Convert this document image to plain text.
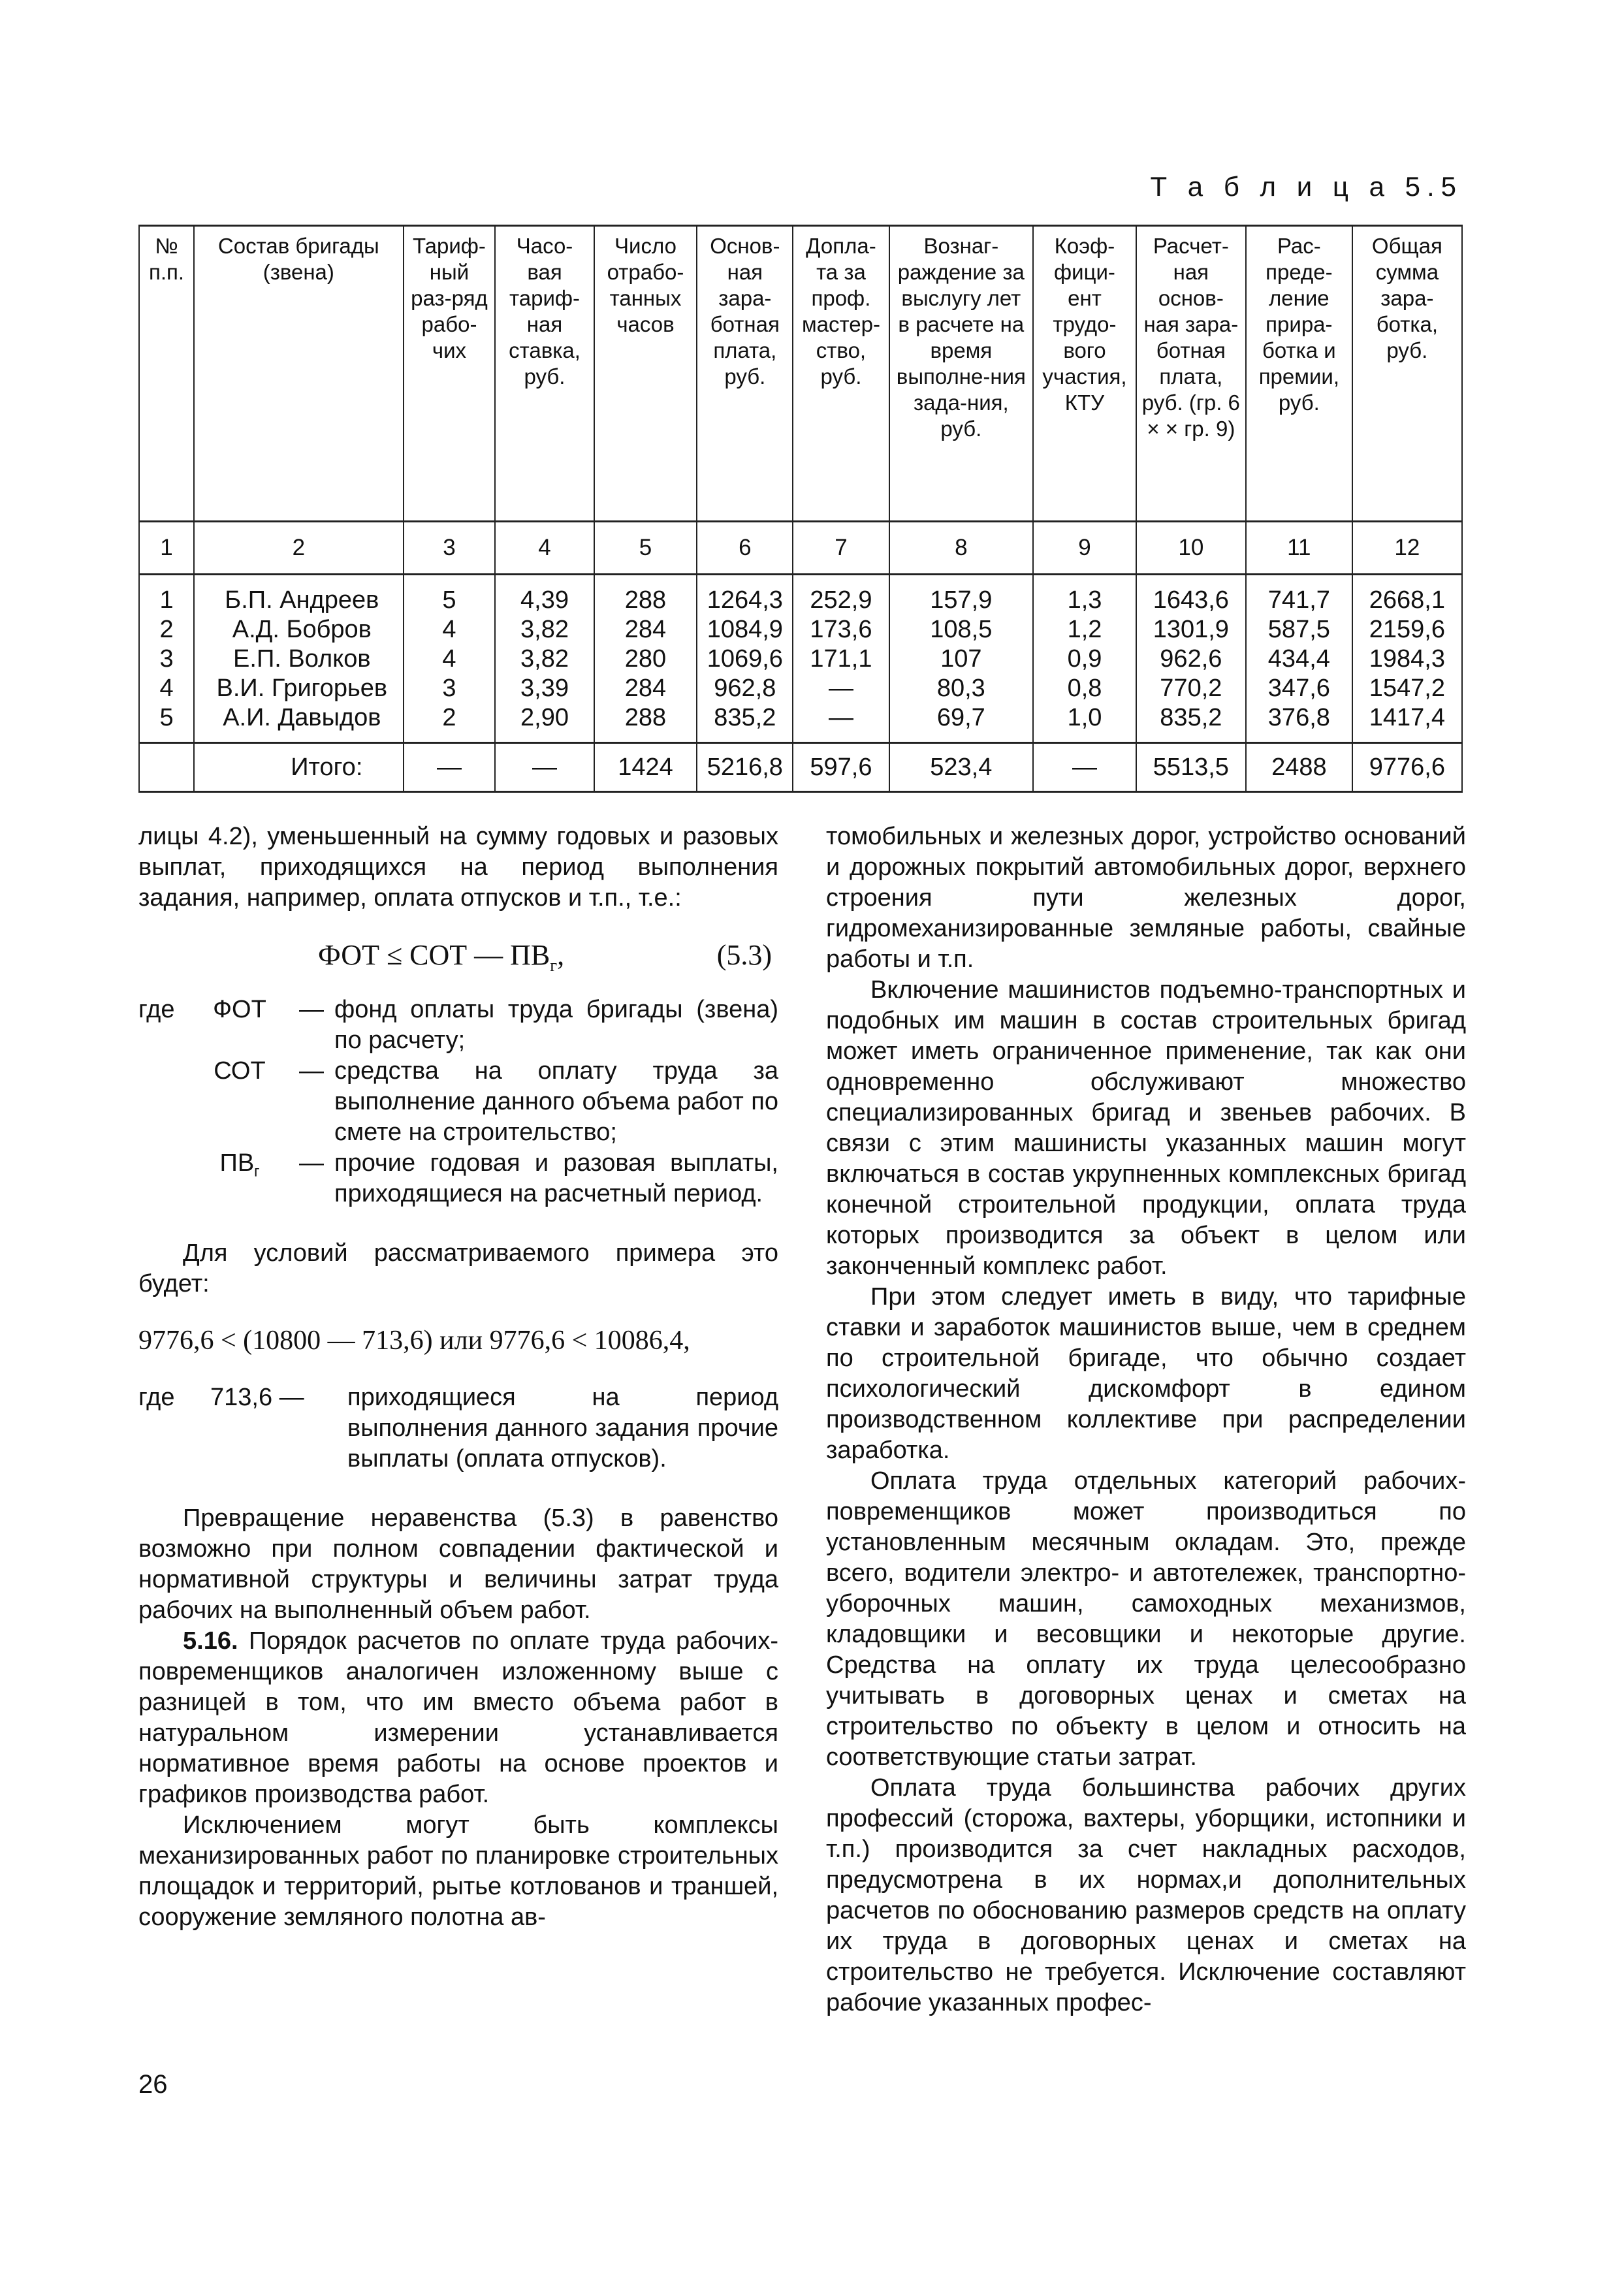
Т а б л и ц а 5.5
№ п.п.	Состав бригады (звена)	Тариф-ный раз-ряд рабо-чих	Часо-вая тариф-ная ставка, руб.	Число отрабо-танных часов	Основ-ная зара-ботная плата, руб.	Допла-та за проф. мастер-ство, руб.	Вознаг-раждение за выслугу лет в расчете на время выполне-ния зада-ния, руб.	Коэф-фици-ент трудо-вого участия, КТУ	Расчет-ная основ-ная зара-ботная плата, руб. (гр. 6 × × гр. 9)	Рас-преде-ление прира-ботка и премии, руб.	Общая сумма зара-ботка, руб.
1	2	3	4	5	6	7	8	9	10	11	12
1	Б.П. Андреев	5	4,39	288	1264,3	252,9	157,9	1,3	1643,6	741,7	2668,1
2	А.Д. Бобров	4	3,82	284	1084,9	173,6	108,5	1,2	1301,9	587,5	2159,6
3	Е.П. Волков	4	3,82	280	1069,6	171,1	107	0,9	962,6	434,4	1984,3
4	В.И. Григорьев	3	3,39	284	962,8	—	80,3	0,8	770,2	347,6	1547,2
5	А.И. Давыдов	2	2,90	288	835,2	—	69,7	1,0	835,2	376,8	1417,4
	Итого:	—	—	1424	5216,8	597,6	523,4	—	5513,5	2488	9776,6

лицы 4.2), уменьшенный на сумму годовых и разовых выплат, приходящихся на период выполнения задания, например, оплата отпусков и т.п., т.е.:

ФОТ ≤ СОТ — $ПВ_г$,	(5.3)
где	ФОТ	—	фонд оплаты труда бригады (звена) по расчету;
	СОТ	—	средства на оплату труда за выполнение данного объема работ по смете на строительство;
	$ПВ_г$	—	прочие годовая и разовая выплаты, приходящиеся на расчетный период.

Для условий рассматриваемого примера это будет:

9776,6 < (10800 — 713,6) или 9776,6 < 10086,4,
где	713,6 —	приходящиеся на период выполнения данного задания прочие выплаты (оплата отпусков).

Превращение неравенства (5.3) в равенство возможно при полном совпадении фактической и нормативной структуры и величины затрат труда рабочих на выполненный объем работ.

5.16. Порядок расчетов по оплате труда рабочих-повременщиков аналогичен изложенному выше с разницей в том, что им вместо объема работ в натуральном измерении устанавливается нормативное время работы на основе проектов и графиков производства работ.

Исключением могут быть комплексы механизированных работ по планировке строительных площадок и территорий, рытье котлованов и траншей, сооружение земляного полотна ав-

томобильных и железных дорог, устройство оснований и дорожных покрытий автомобильных дорог, верхнего строения пути железных дорог, гидромеханизированные земляные работы, свайные работы и т.п.

Включение машинистов подъемно-транспортных и подобных им машин в состав строительных бригад может иметь ограниченное применение, так как они одновременно обслуживают множество специализированных бригад и звеньев рабочих. В связи с этим машинисты указанных машин могут включаться в состав укрупненных комплексных бригад конечной строительной продукции, оплата труда которых производится за объект в целом или законченный комплекс работ.

При этом следует иметь в виду, что тарифные ставки и заработок машинистов выше, чем в среднем по строительной бригаде, что обычно создает психологический дискомфорт в едином производственном коллективе при распределении заработка.

Оплата труда отдельных категорий рабочих-повременщиков может производиться по установленным месячным окладам. Это, прежде всего, водители электро- и автотележек, транспортно-уборочных машин, самоходных механизмов, кладовщики и весовщики и некоторые другие. Средства на оплату их труда целесообразно учитывать в договорных ценах и сметах на строительство по объекту в целом и относить на соответствующие статьи затрат.

Оплата труда большинства рабочих других профессий (сторожа, вахтеры, уборщики, истопники и т.п.) производится за счет накладных расходов, предусмотрена в их нормах,и дополнительных расчетов по обоснованию размеров средств на оплату их труда в договорных ценах и сметах на строительство не требуется. Исключение составляют рабочие указанных профес-

26
